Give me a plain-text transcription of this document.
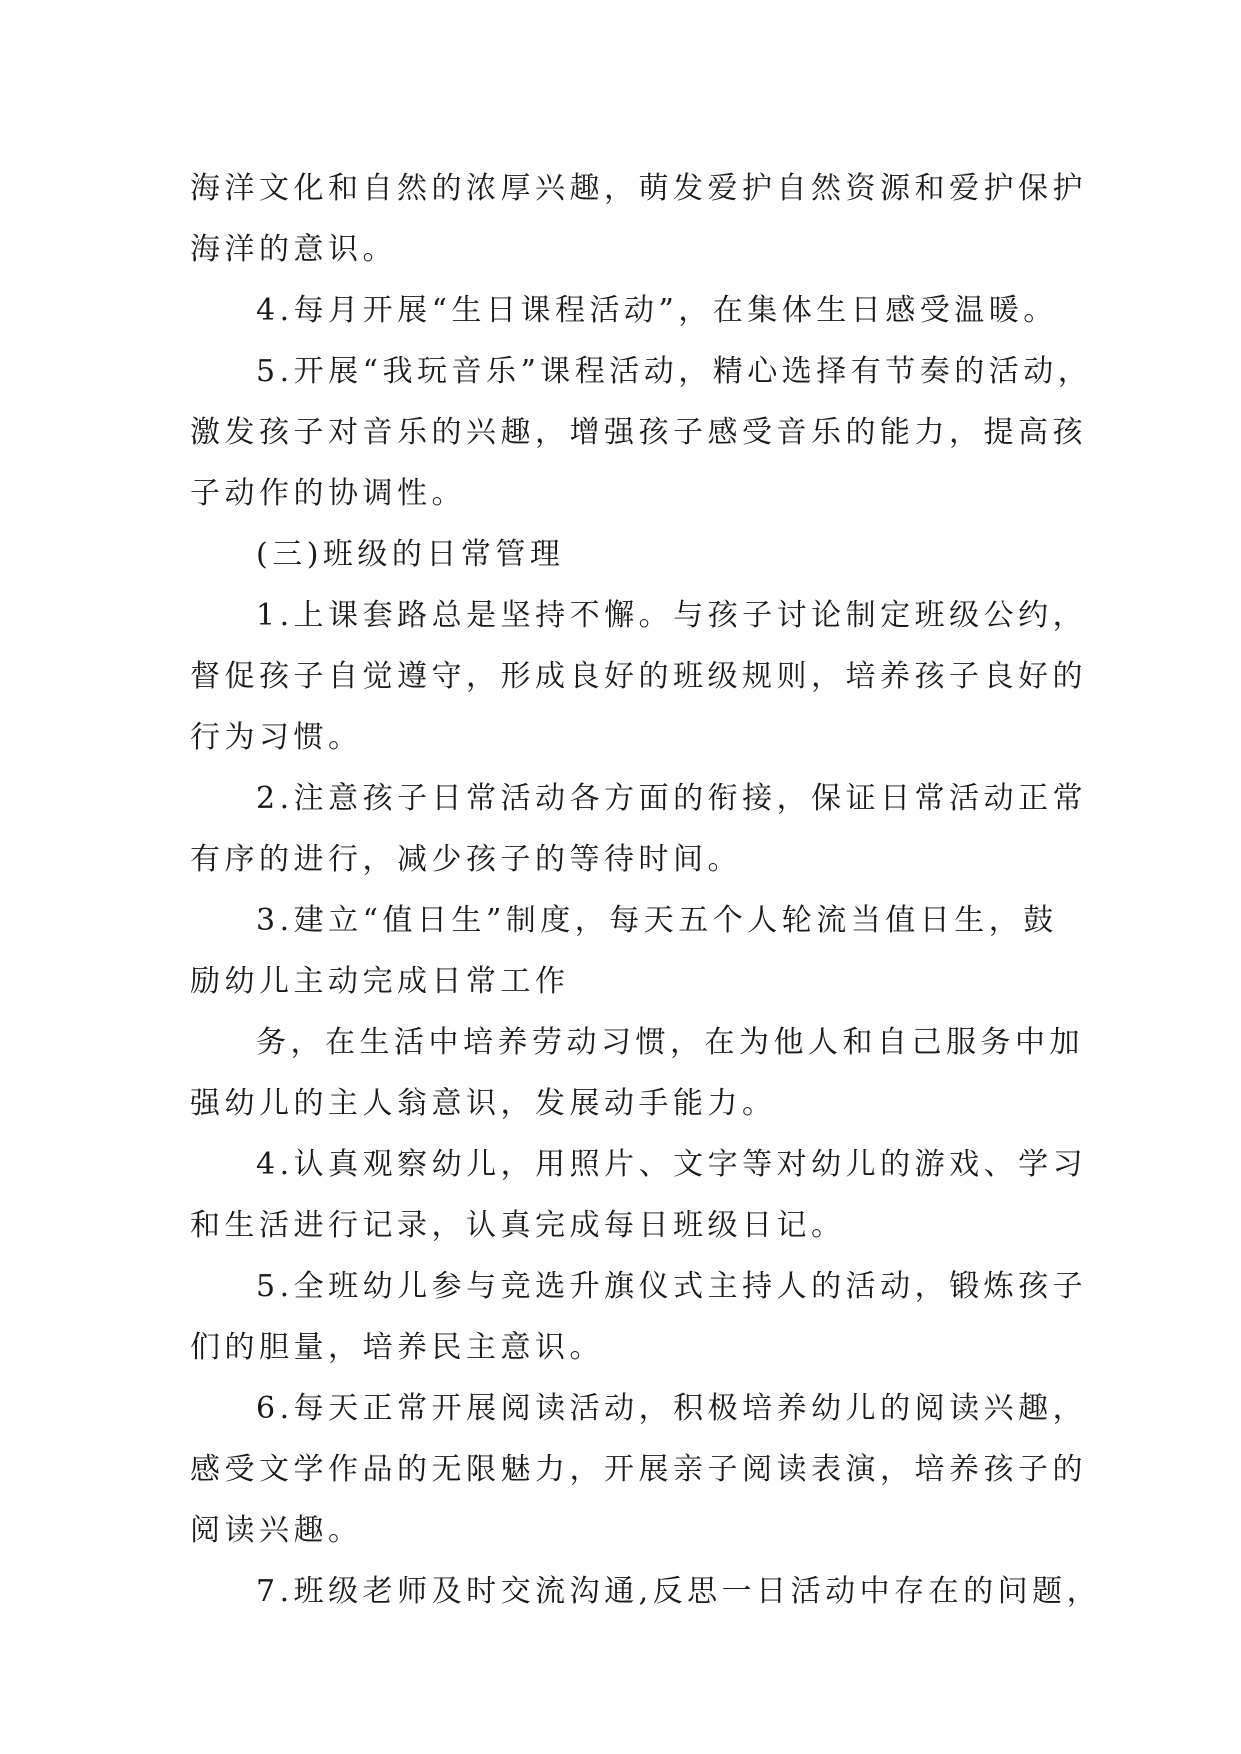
海洋文化和自然的浓厚兴趣，萌发爱护自然资源和爱护保护
海洋的意识。
4.每月开展“生日课程活动”，在集体生日感受温暖。
5.开展“我玩音乐”课程活动，精心选择有节奏的活动，
激发孩子对音乐的兴趣，增强孩子感受音乐的能力，提高孩
子动作的协调性。
(三)班级的日常管理
1.上课套路总是坚持不懈。与孩子讨论制定班级公约，
督促孩子自觉遵守，形成良好的班级规则，培养孩子良好的
行为习惯。
2.注意孩子日常活动各方面的衔接，保证日常活动正常
有序的进行，减少孩子的等待时间。
3.建立“值日生”制度，每天五个人轮流当值日生，鼓
励幼儿主动完成日常工作
务，在生活中培养劳动习惯，在为他人和自己服务中加
强幼儿的主人翁意识，发展动手能力。
4.认真观察幼儿，用照片、文字等对幼儿的游戏、学习
和生活进行记录，认真完成每日班级日记。
5.全班幼儿参与竞选升旗仪式主持人的活动，锻炼孩子
们的胆量，培养民主意识。
6.每天正常开展阅读活动，积极培养幼儿的阅读兴趣，
感受文学作品的无限魅力，开展亲子阅读表演，培养孩子的
阅读兴趣。
7.班级老师及时交流沟通,反思一日活动中存在的问题，
